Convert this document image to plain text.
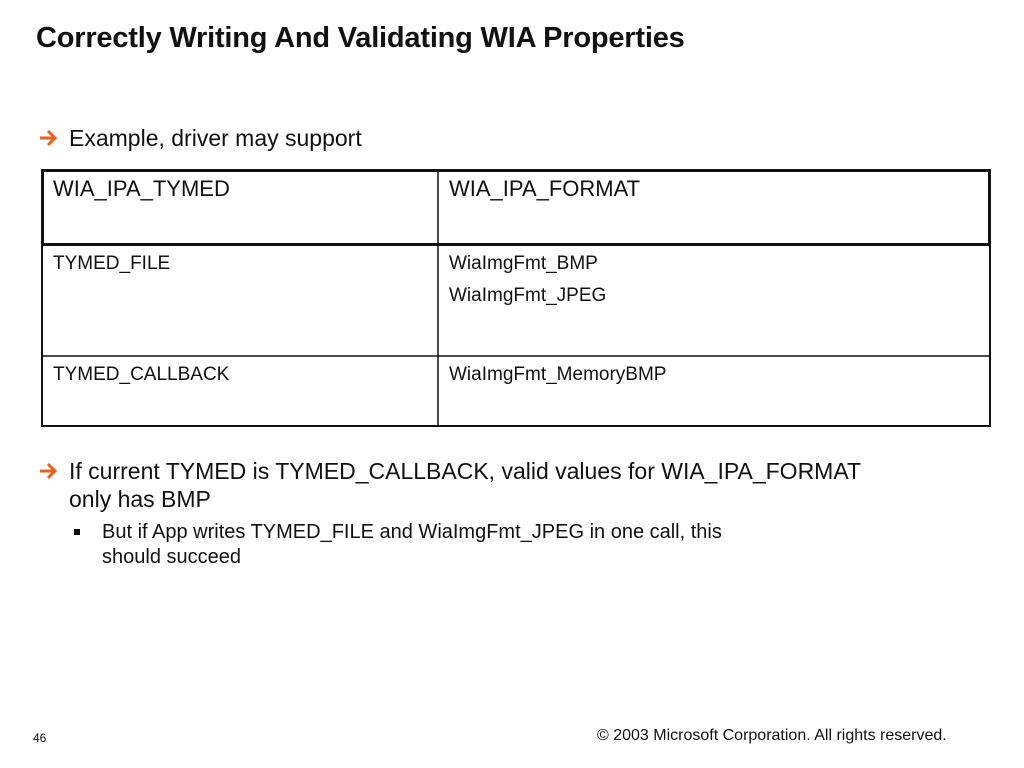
Correctly Writing And Validating WIA Properties
Example, driver may support
WIA_IPA_TYMED	WIA_IPA_FORMAT
TYMED_FILE	WiaImgFmt_BMP
WiaImgFmt_JPEG
TYMED_CALLBACK	WiaImgFmt_MemoryBMP
If current TYMED is TYMED_CALLBACK, valid values for WIA_IPA_FORMAT
only has BMP
But if App writes TYMED_FILE and WiaImgFmt_JPEG in one call, this
should succeed
46	© 2003 Microsoft Corporation. All rights reserved.
